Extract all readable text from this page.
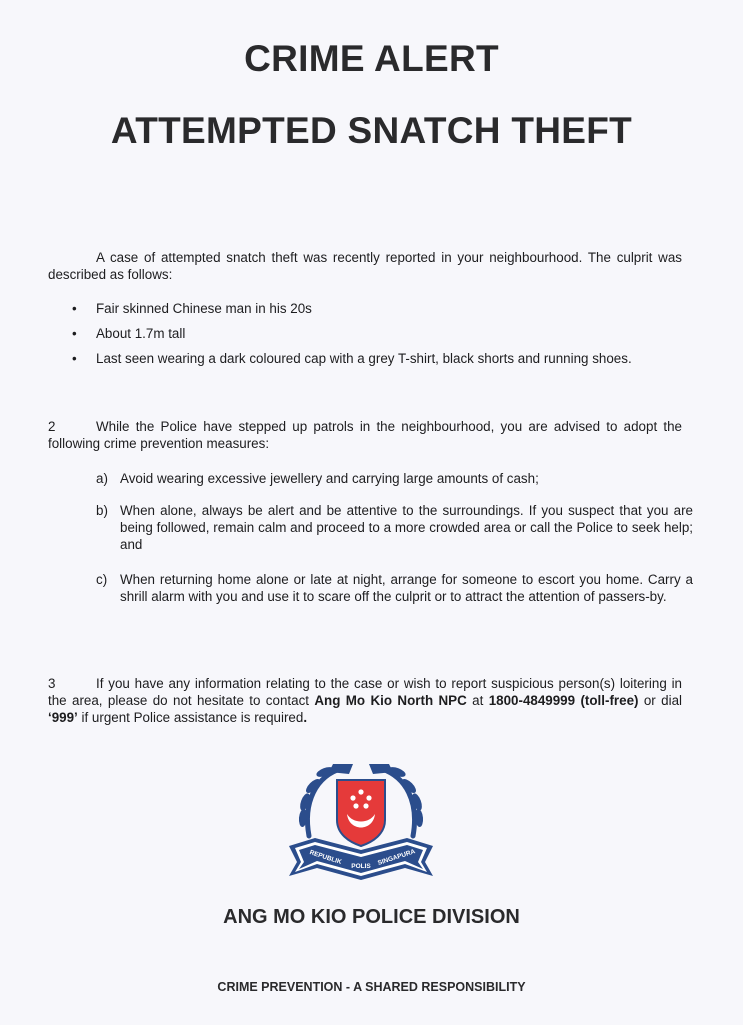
CRIME ALERT
ATTEMPTED SNATCH THEFT
A case of attempted snatch theft was recently reported in your neighbourhood. The culprit was described as follows:
• Fair skinned Chinese man in his 20s
• About 1.7m tall
• Last seen wearing a dark coloured cap with a grey T-shirt, black shorts and running shoes.
2	While the Police have stepped up patrols in the neighbourhood, you are advised to adopt the following crime prevention measures:
a) Avoid wearing excessive jewellery and carrying large amounts of cash;
b) When alone, always be alert and be attentive to the surroundings. If you suspect that you are being followed, remain calm and proceed to a more crowded area or call the Police to seek help; and
c) When returning home alone or late at night, arrange for someone to escort you home. Carry a shrill alarm with you and use it to scare off the culprit or to attract the attention of passers-by.
3	If you have any information relating to the case or wish to report suspicious person(s) loitering in the area, please do not hesitate to contact Ang Mo Kio North NPC at 1800-4849999 (toll-free) or dial ‘999’ if urgent Police assistance is required.
REPUBLIK
POLIS SINGAPURA
ANG MO KIO POLICE DIVISION
CRIME PREVENTION - A SHARED RESPONSIBILITY
